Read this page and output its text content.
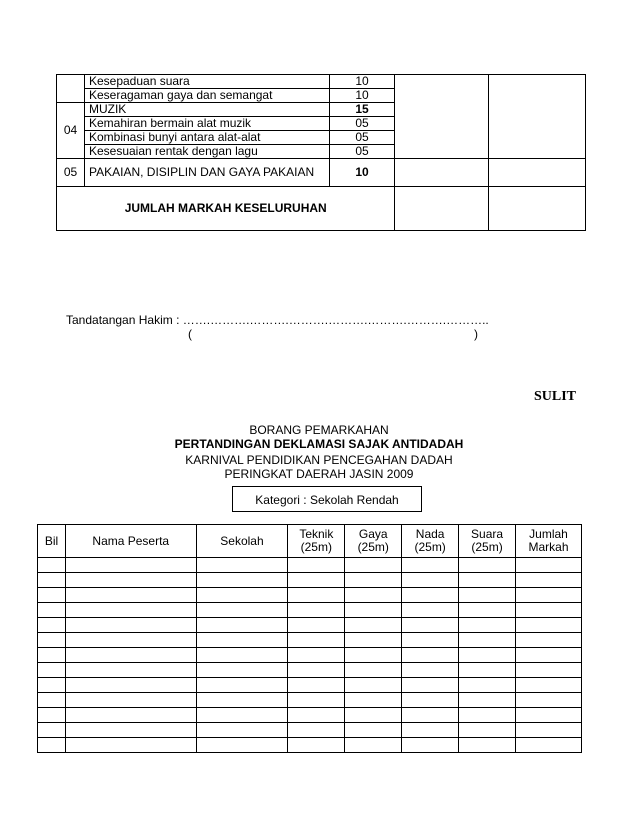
	Kesepaduan suara	10		
	Keseragaman gaya dan semangat	10		
04	MUZIK	15		
	Kemahiran bermain alat muzik	05		
	Kombinasi bunyi antara alat-alat	05		
	Kesesuaian rentak dengan lagu	05		
05	PAKAIAN, DISIPLIN DAN GAYA PAKAIAN	10		
JUMLAH MARKAH KESELURUHAN				
Tandatangan Hakim : …….……….……….……….……….……….……….………..
(	)
SULIT
BORANG PEMARKAHAN
PERTANDINGAN DEKLAMASI SAJAK ANTIDADAH
KARNIVAL PENDIDIKAN PENCEGAHAN DADAH
PERINGKAT DAERAH JASIN 2009
Kategori : Sekolah Rendah
Bil	Nama Peserta	Sekolah	Teknik (25m)	Gaya (25m)	Nada (25m)	Suara (25m)	Jumlah Markah
